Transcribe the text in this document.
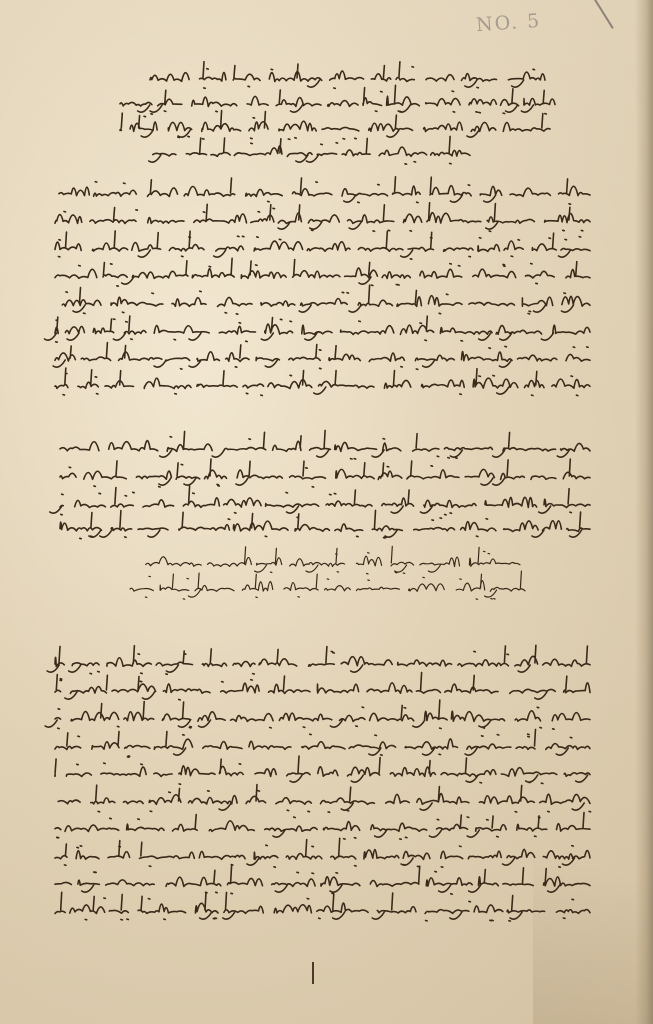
NO. 5
